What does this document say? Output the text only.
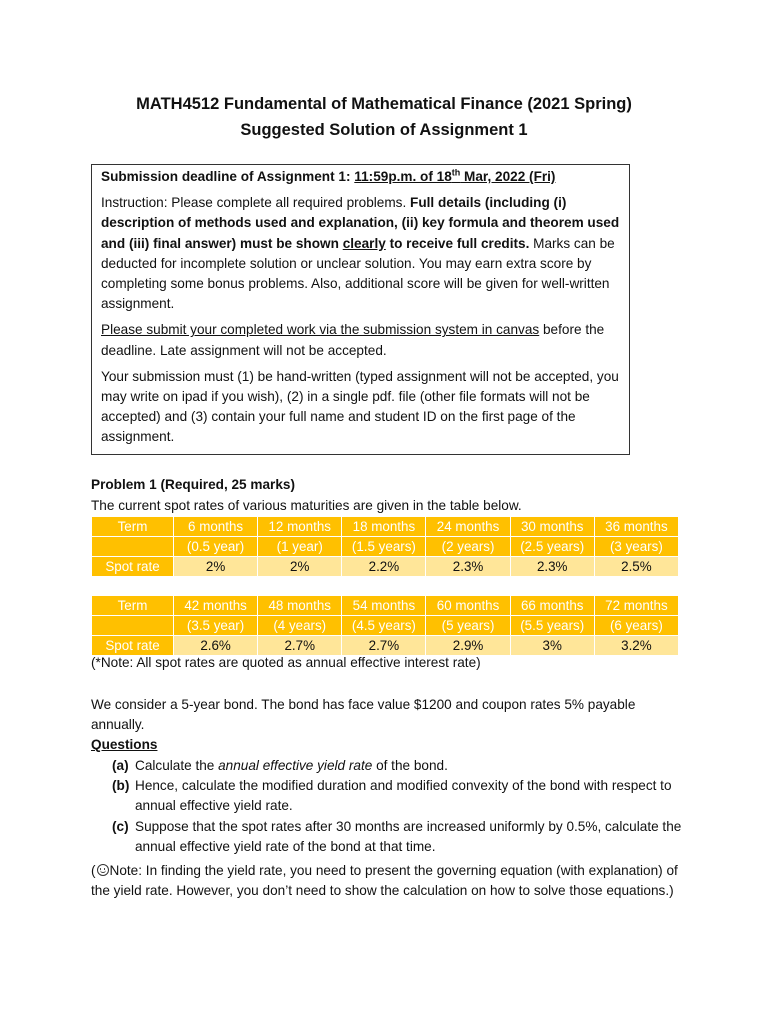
MATH4512 Fundamental of Mathematical Finance (2021 Spring)
Suggested Solution of Assignment 1

Submission deadline of Assignment 1: 11:59p.m. of 18th Mar, 2022 (Fri)

Instruction: Please complete all required problems. Full details (including (i) description of methods used and explanation, (ii) key formula and theorem used and (iii) final answer) must be shown clearly to receive full credits. Marks can be deducted for incomplete solution or unclear solution. You may earn extra score by completing some bonus problems. Also, additional score will be given for well-written assignment.

Please submit your completed work via the submission system in canvas before the deadline. Late assignment will not be accepted.

Your submission must (1) be hand-written (typed assignment will not be accepted, you may write on ipad if you wish), (2) in a single pdf. file (other file formats will not be accepted) and (3) contain your full name and student ID on the first page of the assignment.

Problem 1 (Required, 25 marks)
The current spot rates of various maturities are given in the table below.
Term	6 months	12 months	18 months	24 months	30 months	36 months
	(0.5 year)	(1 year)	(1.5 years)	(2 years)	(2.5 years)	(3 years)
Spot rate	2%	2%	2.2%	2.3%	2.3%	2.5%
Term	42 months	48 months	54 months	60 months	66 months	72 months
	(3.5 year)	(4 years)	(4.5 years)	(5 years)	(5.5 years)	(6 years)
Spot rate	2.6%	2.7%	2.7%	2.9%	3%	3.2%
(*Note: All spot rates are quoted as annual effective interest rate)
We consider a 5-year bond. The bond has face value $1200 and coupon rates 5% payable
annually.
Questions
(a) Calculate the annual effective yield rate of the bond.
(b) Hence, calculate the modified duration and modified convexity of the bond with respect to annual effective yield rate.
(c) Suppose that the spot rates after 30 months are increased uniformly by 0.5%, calculate the annual effective yield rate of the bond at that time.
( Note: In finding the yield rate, you need to present the governing equation (with explanation) of the yield rate. However, you don’t need to show the calculation on how to solve those equations.)
